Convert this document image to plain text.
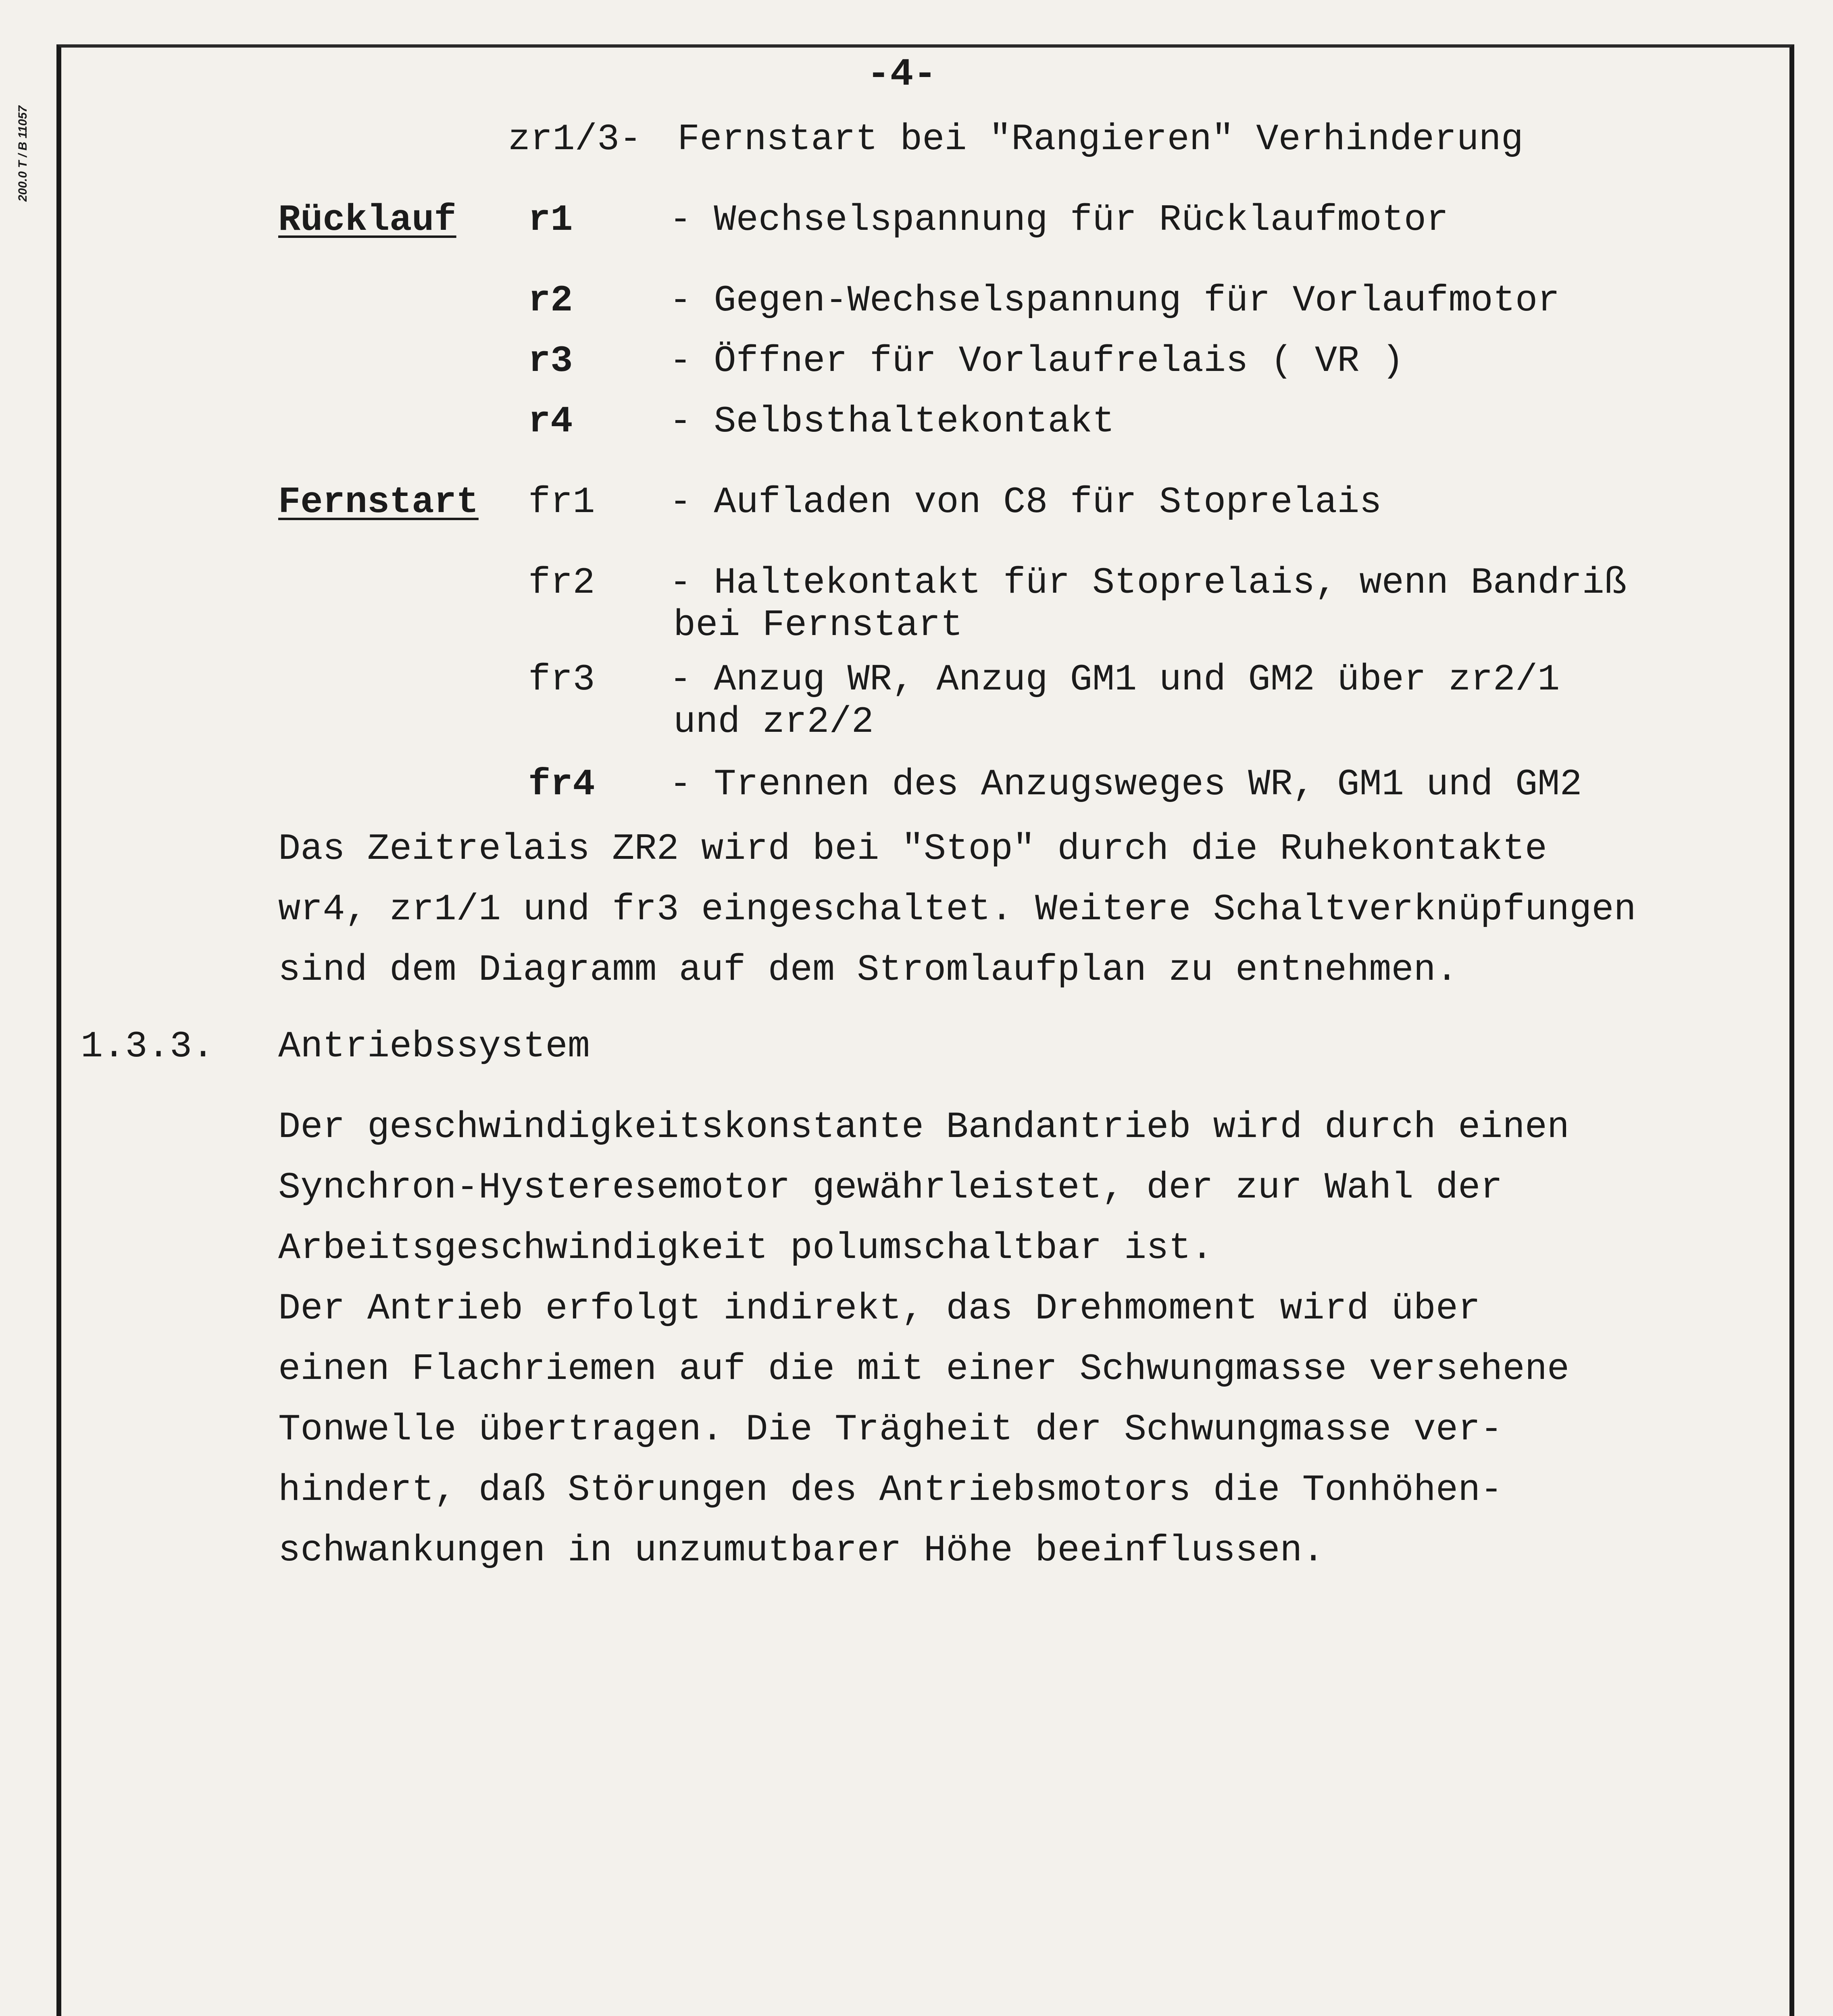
200.0 T / B 11057
-4-
zr1/3- Fernstart bei "Rangieren" Verhinderung
Rücklauf r1	- Wechselspannung für Rücklaufmotor
r2	- Gegen-Wechselspannung für Vorlaufmotor
r3	- Öffner für Vorlaufrelais ( VR )
r4	- Selbsthaltekontakt
Fernstart fr1 - Aufladen von C8 für Stoprelais
fr2 - Haltekontakt für Stoprelais, wenn Bandriß
bei Fernstart
fr3 - Anzug WR, Anzug GM1 und GM2 über zr2/1
und zr2/2
fr4 - Trennen des Anzugsweges WR, GM1 und GM2
Das Zeitrelais ZR2 wird bei "Stop" durch die Ruhekontakte
wr4, zr1/1 und fr3 eingeschaltet. Weitere Schaltverknüpfungen
sind dem Diagramm auf dem Stromlaufplan zu entnehmen.
1.3.3. Antriebssystem
Der geschwindigkeitskonstante Bandantrieb wird durch einen
Synchron-Hysteresemotor gewährleistet, der zur Wahl der
Arbeitsgeschwindigkeit polumschaltbar ist.
Der Antrieb erfolgt indirekt, das Drehmoment wird über
einen Flachriemen auf die mit einer Schwungmasse versehene
Tonwelle übertragen. Die Trägheit der Schwungmasse ver-
hindert, daß Störungen des Antriebsmotors die Tonhöhen-
schwankungen in unzumutbarer Höhe beeinflussen.
